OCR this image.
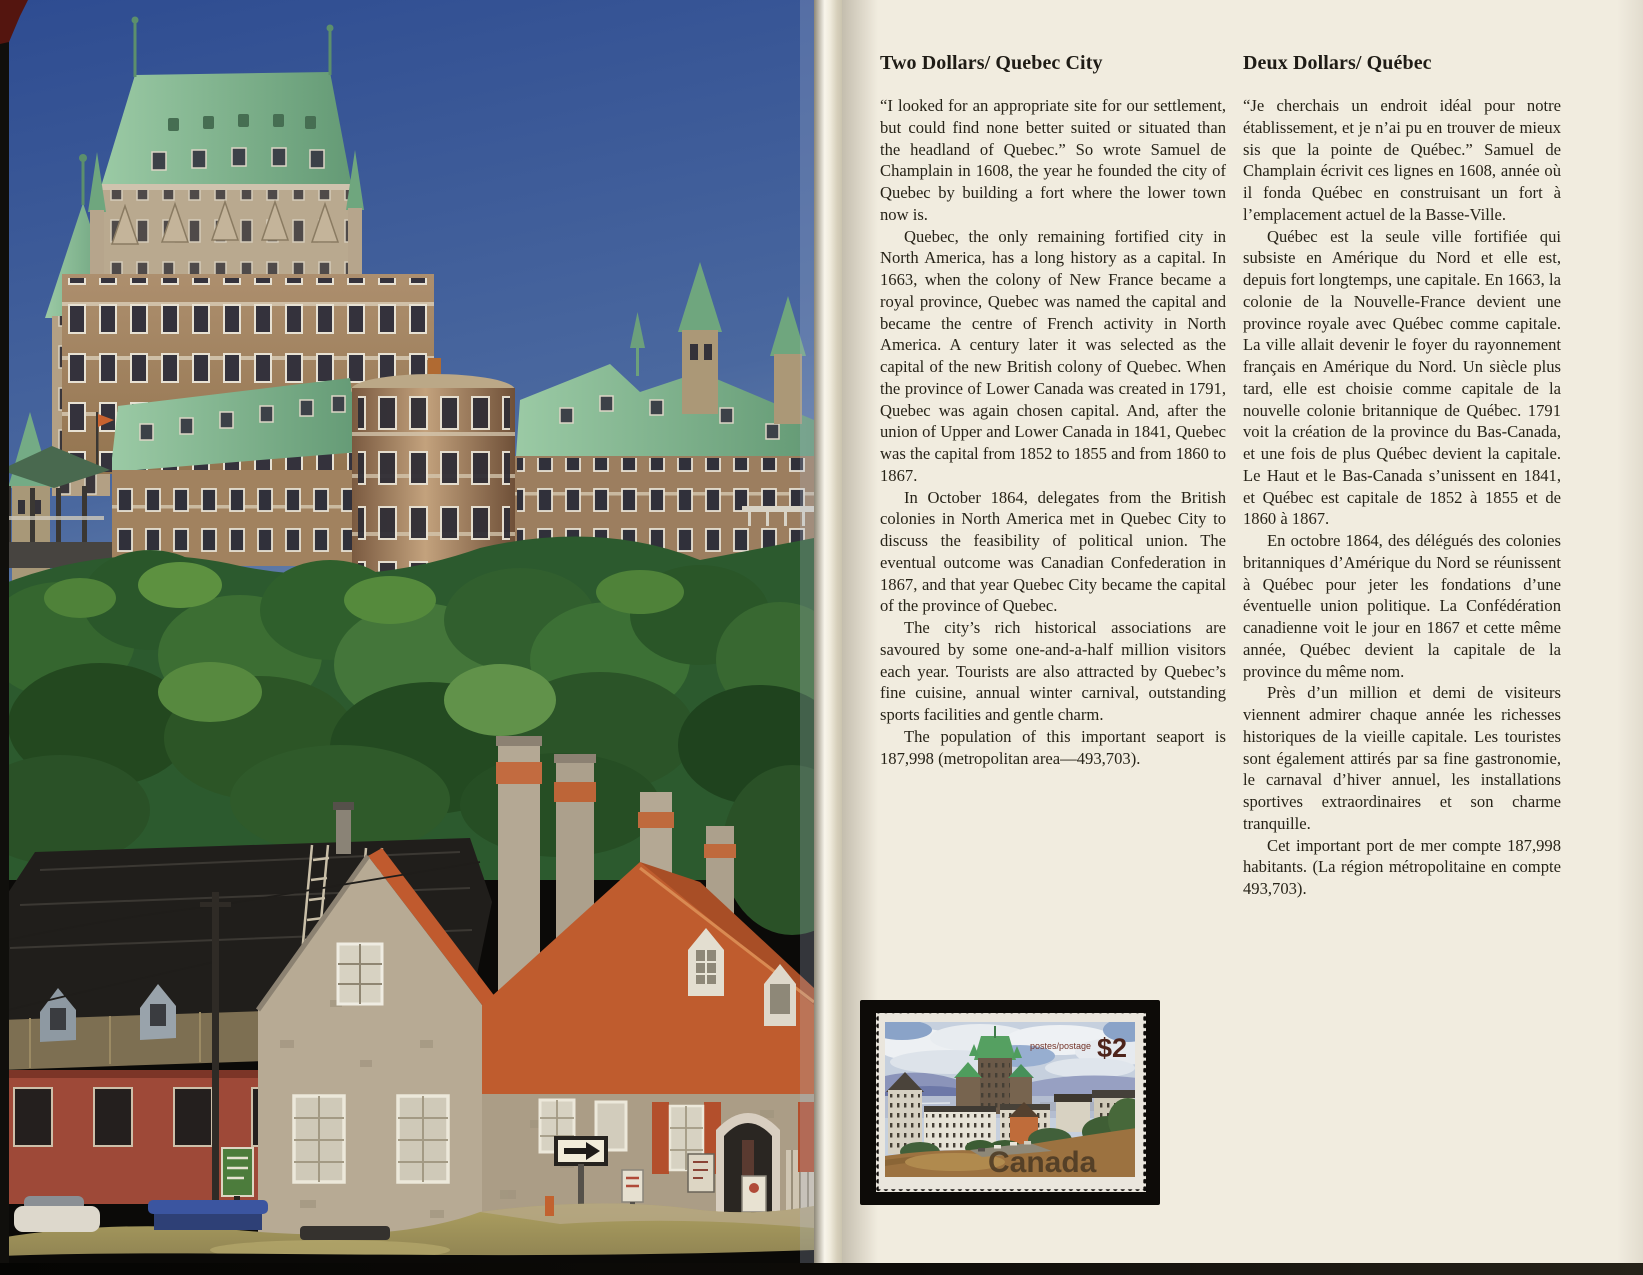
Two Dollars/ Quebec City

“I looked for an appropriate site for our settlement, but could find none better suited or situated than the headland of Quebec.” So wrote Samuel de Champlain in 1608, the year he founded the city of Quebec by building a fort where the lower town now is.

Quebec, the only remaining fortified city in North America, has a long history as a capital. In 1663, when the colony of New France became a royal province, Quebec was named the capital and became the centre of French activity in North America. A century later it was selected as the capital of the new British colony of Quebec. When the province of Lower Canada was created in 1791, Quebec was again chosen capital. And, after the union of Upper and Lower Canada in 1841, Quebec was the capital from 1852 to 1855 and from 1860 to 1867.

In October 1864, delegates from the British colonies in North America met in Quebec City to discuss the feasibility of political union. The eventual outcome was Canadian Confederation in 1867, and that year Quebec City became the capital of the province of Quebec.

The city’s rich historical associations are savoured by some one-and-a-half million visitors each year. Tourists are also attracted by Quebec’s fine cuisine, annual winter carnival, outstanding sports facilities and gentle charm.

The population of this important seaport is 187,998 (metropolitan area—493,703).

Deux Dollars/ Québec

“Je cherchais un endroit idéal pour notre établissement, et je n’ai pu en trouver de mieux sis que la pointe de Québec.” Samuel de Champlain écrivit ces lignes en 1608, année où il fonda Québec en construisant un fort à l’emplacement actuel de la Basse-Ville.

Québec est la seule ville fortifiée qui subsiste en Amérique du Nord et elle est, depuis fort longtemps, une capitale. En 1663, la colonie de la Nouvelle-France devient une province royale avec Québec comme capitale. La ville allait devenir le foyer du rayonnement français en Amérique du Nord. Un siècle plus tard, elle est choisie comme capitale de la nouvelle colonie britannique de Québec. 1791 voit la création de la province du Bas-Canada, et une fois de plus Québec devient la capitale. Le Haut et le Bas-Canada s’unissent en 1841, et Québec est capitale de 1852 à 1855 et de 1860 à 1867.

En octobre 1864, des délégués des colonies britanniques d’Amérique du Nord se réunissent à Québec pour jeter les fondations d’une éventuelle union politique. La Confédération canadienne voit le jour en 1867 et cette même année, Québec devient la capitale de la province du même nom.

Près d’un million et demi de visiteurs viennent admirer chaque année les richesses historiques de la vieille capitale. Les touristes sont également attirés par sa fine gastronomie, le carnaval d’hiver annuel, les installations sportives extraordinaires et son charme tranquille.

Cet important port de mer compte 187,998 habitants. (La région métropolitaine en compte 493,703).

postes/postage $2
Canada
